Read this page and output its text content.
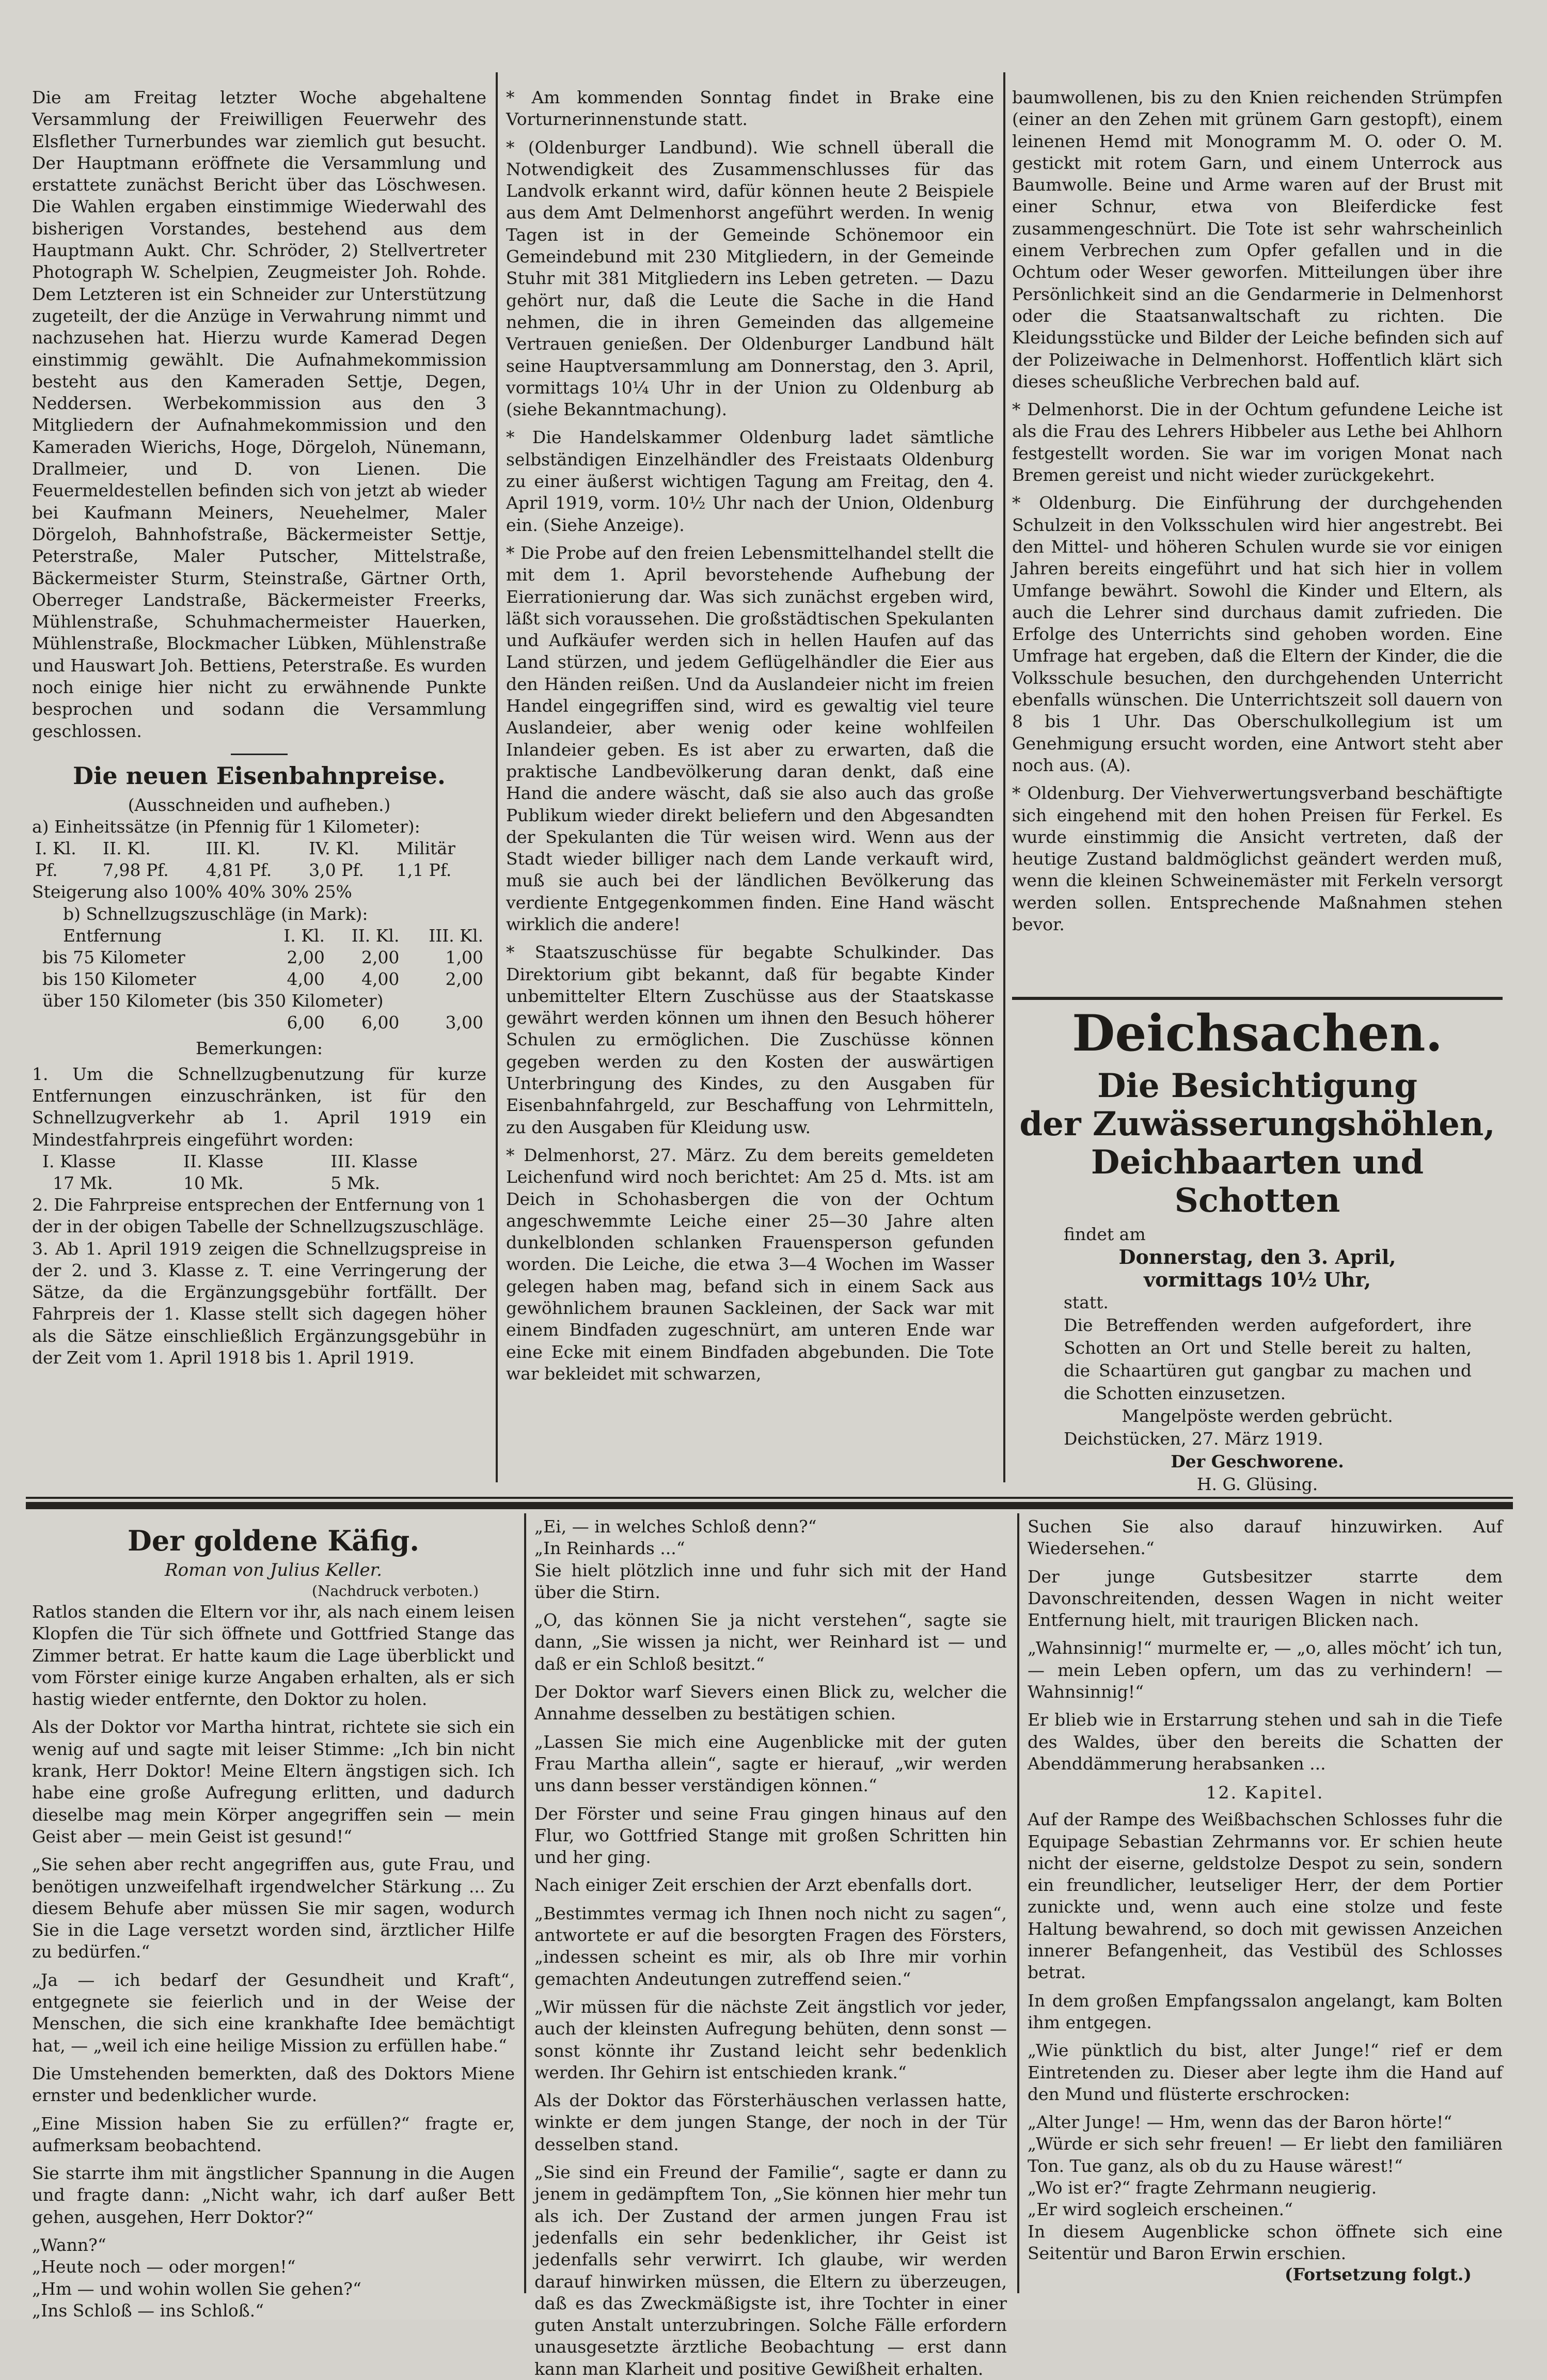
Die am Freitag letzter Woche abgehaltene Versammlung der Freiwilligen Feuerwehr des Elsflether Turnerbundes war ziemlich gut besucht. Der Hauptmann eröffnete die Versammlung und erstattete zunächst Bericht über das Löschwesen. Die Wahlen ergaben einstimmige Wiederwahl des bisherigen Vorstandes, bestehend aus dem Hauptmann Aukt. Chr. Schröder, 2) Stellvertreter Photograph W. Schelpien, Zeugmeister Joh. Rohde. Dem Letzteren ist ein Schneider zur Unterstützung zugeteilt, der die Anzüge in Verwahrung nimmt und nachzusehen hat. Hierzu wurde Kamerad Degen einstimmig gewählt. Die Aufnahmekommission besteht aus den Kameraden Settje, Degen, Neddersen. Werbekommission aus den 3 Mitgliedern der Aufnahmekommission und den Kameraden Wierichs, Hoge, Dörgeloh, Nünemann, Drallmeier, und D. von Lienen. Die Feuermeldestellen befinden sich von jetzt ab wieder bei Kaufmann Meiners, Neuehelmer, Maler Dörgeloh, Bahnhofstraße, Bäckermeister Settje, Peterstraße, Maler Putscher, Mittelstraße, Bäckermeister Sturm, Steinstraße, Gärtner Orth, Oberreger Landstraße, Bäckermeister Freerks, Mühlenstraße, Schuhmachermeister Hauerken, Mühlenstraße, Blockmacher Lübken, Mühlenstraße und Hauswart Joh. Bettiens, Peterstraße. Es wurden noch einige hier nicht zu erwähnende Punkte besprochen und sodann die Versammlung geschlossen.

Die neuen Eisenbahnpreise.
(Ausschneiden und aufheben.)

a) Einheitssätze (in Pfennig für 1 Kilometer):

I. Kl.	II. Kl.	III. Kl.	IV. Kl.	Militär
Pf.	7,98 Pf.	4,81 Pf.	3,0 Pf.	1,1 Pf.

Steigerung also 100% 40% 30% 25%

b) Schnellzugszuschläge (in Mark):

Entfernung	I. Kl.	II. Kl.	III. Kl.
bis 75 Kilometer	2,00	2,00	1,00
bis 150 Kilometer	4,00	4,00	2,00
über 150 Kilometer (bis 350 Kilometer)			
	6,00	6,00	3,00
Bemerkungen:

1. Um die Schnellzugbenutzung für kurze Entfernungen einzuschränken, ist für den Schnellzugverkehr ab 1. April 1919 ein Mindestfahrpreis eingeführt worden:

I. Klasse	II. Klasse	III. Klasse
17 Mk.	10 Mk.	5 Mk.

2. Die Fahrpreise entsprechen der Entfernung von 1 der in der obigen Tabelle der Schnellzugszuschläge.

3. Ab 1. April 1919 zeigen die Schnellzugspreise in der 2. und 3. Klasse z. T. eine Verringerung der Sätze, da die Ergänzungsgebühr fortfällt. Der Fahrpreis der 1. Klasse stellt sich dagegen höher als die Sätze einschließlich Ergänzungsgebühr in der Zeit vom 1. April 1918 bis 1. April 1919.

* Am kommenden Sonntag findet in Brake eine Vorturnerinnenstunde statt.

* (Oldenburger Landbund). Wie schnell überall die Notwendigkeit des Zusammenschlusses für das Landvolk erkannt wird, dafür können heute 2 Beispiele aus dem Amt Delmenhorst angeführt werden. In wenig Tagen ist in der Gemeinde Schönemoor ein Gemeindebund mit 230 Mitgliedern, in der Gemeinde Stuhr mit 381 Mitgliedern ins Leben getreten. — Dazu gehört nur, daß die Leute die Sache in die Hand nehmen, die in ihren Gemeinden das allgemeine Vertrauen genießen. Der Oldenburger Landbund hält seine Hauptversammlung am Donnerstag, den 3. April, vormittags 10¼ Uhr in der Union zu Oldenburg ab (siehe Bekanntmachung).

* Die Handelskammer Oldenburg ladet sämtliche selbständigen Einzelhändler des Freistaats Oldenburg zu einer äußerst wichtigen Tagung am Freitag, den 4. April 1919, vorm. 10½ Uhr nach der Union, Oldenburg ein. (Siehe Anzeige).

* Die Probe auf den freien Lebensmittelhandel stellt die mit dem 1. April bevorstehende Aufhebung der Eierrationierung dar. Was sich zunächst ergeben wird, läßt sich voraussehen. Die großstädtischen Spekulanten und Aufkäufer werden sich in hellen Haufen auf das Land stürzen, und jedem Geflügelhändler die Eier aus den Händen reißen. Und da Auslandeier nicht im freien Handel eingegriffen sind, wird es gewaltig viel teure Auslandeier, aber wenig oder keine wohlfeilen Inlandeier geben. Es ist aber zu erwarten, daß die praktische Landbevölkerung daran denkt, daß eine Hand die andere wäscht, daß sie also auch das große Publikum wieder direkt beliefern und den Abgesandten der Spekulanten die Tür weisen wird. Wenn aus der Stadt wieder billiger nach dem Lande verkauft wird, muß sie auch bei der ländlichen Bevölkerung das verdiente Entgegenkommen finden. Eine Hand wäscht wirklich die andere!

* Staatszuschüsse für begabte Schulkinder. Das Direktorium gibt bekannt, daß für begabte Kinder unbemittelter Eltern Zuschüsse aus der Staatskasse gewährt werden können um ihnen den Besuch höherer Schulen zu ermöglichen. Die Zuschüsse können gegeben werden zu den Kosten der auswärtigen Unterbringung des Kindes, zu den Ausgaben für Eisenbahnfahrgeld, zur Beschaffung von Lehrmitteln, zu den Ausgaben für Kleidung usw.

* Delmenhorst, 27. März. Zu dem bereits gemeldeten Leichenfund wird noch berichtet: Am 25 d. Mts. ist am Deich in Schohasbergen die von der Ochtum angeschwemmte Leiche einer 25—30 Jahre alten dunkelblonden schlanken Frauensperson gefunden worden. Die Leiche, die etwa 3—4 Wochen im Wasser gelegen haben mag, befand sich in einem Sack aus gewöhnlichem braunen Sackleinen, der Sack war mit einem Bindfaden zugeschnürt, am unteren Ende war eine Ecke mit einem Bindfaden abgebunden. Die Tote war bekleidet mit schwarzen,

baumwollenen, bis zu den Knien reichenden Strümpfen (einer an den Zehen mit grünem Garn gestopft), einem leinenen Hemd mit Monogramm M. O. oder O. M. gestickt mit rotem Garn, und einem Unterrock aus Baumwolle. Beine und Arme waren auf der Brust mit einer Schnur, etwa von Bleiferdicke fest zusammengeschnürt. Die Tote ist sehr wahrscheinlich einem Verbrechen zum Opfer gefallen und in die Ochtum oder Weser geworfen. Mitteilungen über ihre Persönlichkeit sind an die Gendarmerie in Delmenhorst oder die Staatsanwaltschaft zu richten. Die Kleidungsstücke und Bilder der Leiche befinden sich auf der Polizeiwache in Delmenhorst. Hoffentlich klärt sich dieses scheußliche Verbrechen bald auf.

* Delmenhorst. Die in der Ochtum gefundene Leiche ist als die Frau des Lehrers Hibbeler aus Lethe bei Ahlhorn festgestellt worden. Sie war im vorigen Monat nach Bremen gereist und nicht wieder zurückgekehrt.

* Oldenburg. Die Einführung der durchgehenden Schulzeit in den Volksschulen wird hier angestrebt. Bei den Mittel- und höheren Schulen wurde sie vor einigen Jahren bereits eingeführt und hat sich hier in vollem Umfange bewährt. Sowohl die Kinder und Eltern, als auch die Lehrer sind durchaus damit zufrieden. Die Erfolge des Unterrichts sind gehoben worden. Eine Umfrage hat ergeben, daß die Eltern der Kinder, die die Volksschule besuchen, den durchgehenden Unterricht ebenfalls wünschen. Die Unterrichtszeit soll dauern von 8 bis 1 Uhr. Das Oberschulkollegium ist um Genehmigung ersucht worden, eine Antwort steht aber noch aus. (A).

* Oldenburg. Der Viehverwertungsverband beschäftigte sich eingehend mit den hohen Preisen für Ferkel. Es wurde einstimmig die Ansicht vertreten, daß der heutige Zustand baldmöglichst geändert werden muß, wenn die kleinen Schweinemäster mit Ferkeln versorgt werden sollen. Entsprechende Maßnahmen stehen bevor.

Deichsachen.
Die Besichtigung
der Zuwässerungshöhlen,
Deichbaarten und Schotten
findet am
Donnerstag, den 3. April,
vormittags 10½ Uhr,
statt.
Die Betreffenden werden aufgefordert, ihre Schotten an Ort und Stelle bereit zu halten, die Schaartüren gut gangbar zu machen und die Schotten einzusetzen.
Mangelpöste werden gebrücht.
Deichstücken, 27. März 1919.
Der Geschworene.
H. G. Glüsing.
Der goldene Käfig.
Roman von Julius Keller.
(Nachdruck verboten.)

Ratlos standen die Eltern vor ihr, als nach einem leisen Klopfen die Tür sich öffnete und Gottfried Stange das Zimmer betrat. Er hatte kaum die Lage überblickt und vom Förster einige kurze Angaben erhalten, als er sich hastig wieder entfernte, den Doktor zu holen.

Als der Doktor vor Martha hintrat, richtete sie sich ein wenig auf und sagte mit leiser Stimme: „Ich bin nicht krank, Herr Doktor! Meine Eltern ängstigen sich. Ich habe eine große Aufregung erlitten, und dadurch dieselbe mag mein Körper angegriffen sein — mein Geist aber — mein Geist ist gesund!“

„Sie sehen aber recht angegriffen aus, gute Frau, und benötigen unzweifelhaft irgendwelcher Stärkung ... Zu diesem Behufe aber müssen Sie mir sagen, wodurch Sie in die Lage versetzt worden sind, ärztlicher Hilfe zu bedürfen.“

„Ja — ich bedarf der Gesundheit und Kraft“, entgegnete sie feierlich und in der Weise der Menschen, die sich eine krankhafte Idee bemächtigt hat, — „weil ich eine heilige Mission zu erfüllen habe.“

Die Umstehenden bemerkten, daß des Doktors Miene ernster und bedenklicher wurde.

„Eine Mission haben Sie zu erfüllen?“ fragte er, aufmerksam beobachtend.

Sie starrte ihm mit ängstlicher Spannung in die Augen und fragte dann: „Nicht wahr, ich darf außer Bett gehen, ausgehen, Herr Doktor?“

„Wann?“

„Heute noch — oder morgen!“

„Hm — und wohin wollen Sie gehen?“

„Ins Schloß — ins Schloß.“

„Ei, — in welches Schloß denn?“

„In Reinhards ...“

Sie hielt plötzlich inne und fuhr sich mit der Hand über die Stirn.

„O, das können Sie ja nicht verstehen“, sagte sie dann, „Sie wissen ja nicht, wer Reinhard ist — und daß er ein Schloß besitzt.“

Der Doktor warf Sievers einen Blick zu, welcher die Annahme desselben zu bestätigen schien.

„Lassen Sie mich eine Augenblicke mit der guten Frau Martha allein“, sagte er hierauf, „wir werden uns dann besser verständigen können.“

Der Förster und seine Frau gingen hinaus auf den Flur, wo Gottfried Stange mit großen Schritten hin und her ging.

Nach einiger Zeit erschien der Arzt ebenfalls dort.

„Bestimmtes vermag ich Ihnen noch nicht zu sagen“, antwortete er auf die besorgten Fragen des Försters, „indessen scheint es mir, als ob Ihre mir vorhin gemachten Andeutungen zutreffend seien.“

„Wir müssen für die nächste Zeit ängstlich vor jeder, auch der kleinsten Aufregung behüten, denn sonst — sonst könnte ihr Zustand leicht sehr bedenklich werden. Ihr Gehirn ist entschieden krank.“

Als der Doktor das Försterhäuschen verlassen hatte, winkte er dem jungen Stange, der noch in der Tür desselben stand.

„Sie sind ein Freund der Familie“, sagte er dann zu jenem in gedämpftem Ton, „Sie können hier mehr tun als ich. Der Zustand der armen jungen Frau ist jedenfalls ein sehr bedenklicher, ihr Geist ist jedenfalls sehr verwirrt. Ich glaube, wir werden darauf hinwirken müssen, die Eltern zu überzeugen, daß es das Zweckmäßigste ist, ihre Tochter in einer guten Anstalt unterzubringen. Solche Fälle erfordern unausgesetzte ärztliche Beobachtung — erst dann kann man Klarheit und positive Gewißheit erhalten.

Suchen Sie also darauf hinzuwirken. Auf Wiedersehen.“

Der junge Gutsbesitzer starrte dem Davonschreitenden, dessen Wagen in nicht weiter Entfernung hielt, mit traurigen Blicken nach.

„Wahnsinnig!“ murmelte er, — „o, alles möcht’ ich tun, — mein Leben opfern, um das zu verhindern! — Wahnsinnig!“

Er blieb wie in Erstarrung stehen und sah in die Tiefe des Waldes, über den bereits die Schatten der Abenddämmerung herabsanken ...

12. Kapitel.

Auf der Rampe des Weißbachschen Schlosses fuhr die Equipage Sebastian Zehrmanns vor. Er schien heute nicht der eiserne, geldstolze Despot zu sein, sondern ein freundlicher, leutseliger Herr, der dem Portier zunickte und, wenn auch eine stolze und feste Haltung bewahrend, so doch mit gewissen Anzeichen innerer Befangenheit, das Vestibül des Schlosses betrat.

In dem großen Empfangssalon angelangt, kam Bolten ihm entgegen.

„Wie pünktlich du bist, alter Junge!“ rief er dem Eintretenden zu. Dieser aber legte ihm die Hand auf den Mund und flüsterte erschrocken:

„Alter Junge! — Hm, wenn das der Baron hörte!“

„Würde er sich sehr freuen! — Er liebt den familiären Ton. Tue ganz, als ob du zu Hause wärest!“

„Wo ist er?“ fragte Zehrmann neugierig.

„Er wird sogleich erscheinen.“

In diesem Augenblicke schon öffnete sich eine Seitentür und Baron Erwin erschien.

(Fortsetzung folgt.)
